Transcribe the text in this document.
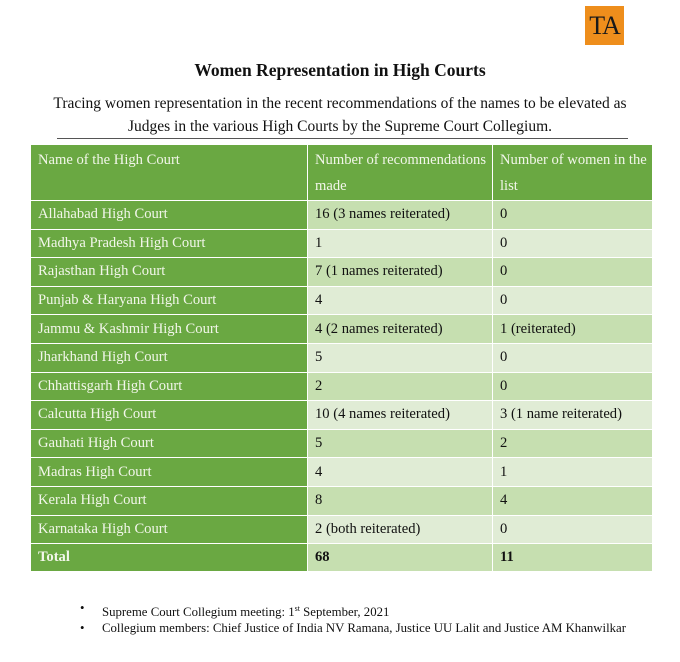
TA
Women Representation in High Courts
Tracing women representation in the recent recommendations of the names to be elevated as Judges in the various High Courts by the Supreme Court Collegium.
Name of the High Court	Number of recommendations made	Number of women in the list
Allahabad High Court	16 (3 names reiterated)	0
Madhya Pradesh High Court	1	0
Rajasthan High Court	7 (1 names reiterated)	0
Punjab & Haryana High Court	4	0
Jammu & Kashmir High Court	4 (2 names reiterated)	1 (reiterated)
Jharkhand High Court	5	0
Chhattisgarh High Court	2	0
Calcutta High Court	10 (4 names reiterated)	3 (1 name reiterated)
Gauhati High Court	5	2
Madras High Court	4	1
Kerala High Court	8	4
Karnataka High Court	2 (both reiterated)	0
Total	68	11
•	Supreme Court Collegium meeting: 1st September, 2021
•	Collegium members: Chief Justice of India NV Ramana, Justice UU Lalit and Justice AM Khanwilkar
